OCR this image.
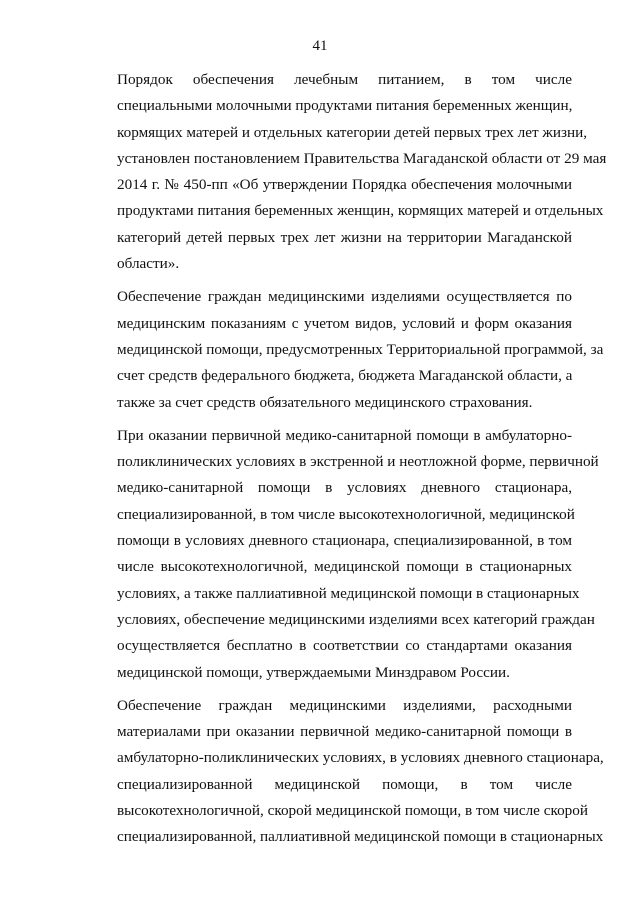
41
Порядок обеспечения лечебным питанием, в том числе
специальными молочными продуктами питания беременных женщин,
кормящих матерей и отдельных категории детей первых трех лет жизни,
установлен постановлением Правительства Магаданской области от 29 мая
2014 г. № 450-пп «Об утверждении Порядка обеспечения молочными
продуктами питания беременных женщин, кормящих матерей и отдельных
категорий детей первых трех лет жизни на территории Магаданской
области».
Обеспечение граждан медицинскими изделиями осуществляется по
медицинским показаниям с учетом видов, условий и форм оказания
медицинской помощи, предусмотренных Территориальной программой, за
счет средств федерального бюджета, бюджета Магаданской области, а
также за счет средств обязательного медицинского страхования.
При оказании первичной медико-санитарной помощи в амбулаторно-
поликлинических условиях в экстренной и неотложной форме, первичной
медико-санитарной помощи в условиях дневного стационара,
специализированной, в том числе высокотехнологичной, медицинской
помощи в условиях дневного стационара, специализированной, в том
числе высокотехнологичной, медицинской помощи в стационарных
условиях, а также паллиативной медицинской помощи в стационарных
условиях, обеспечение медицинскими изделиями всех категорий граждан
осуществляется бесплатно в соответствии со стандартами оказания
медицинской помощи, утверждаемыми Минздравом России.
Обеспечение граждан медицинскими изделиями, расходными
материалами при оказании первичной медико-санитарной помощи в
амбулаторно-поликлинических условиях, в условиях дневного стационара,
специализированной медицинской помощи, в том числе
высокотехнологичной, скорой медицинской помощи, в том числе скорой
специализированной, паллиативной медицинской помощи в стационарных
